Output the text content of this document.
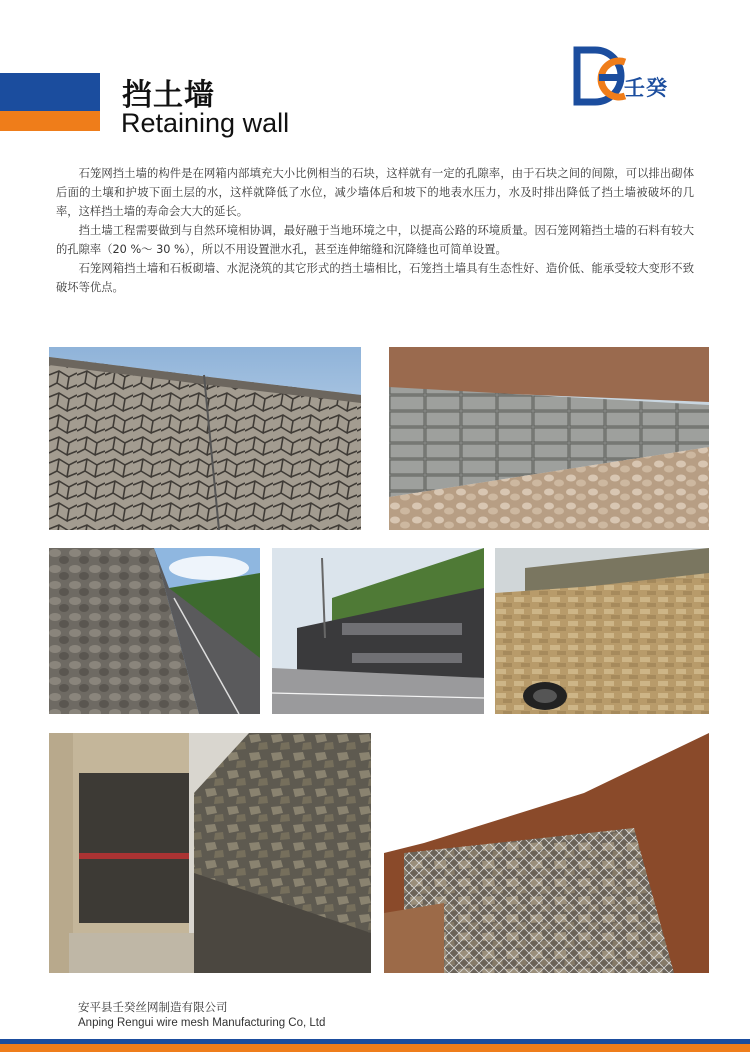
挡土墙
Retaining wall
壬癸

石笼网挡土墙的构件是在网箱内部填充大小比例相当的石块，这样就有一定的孔隙率，由于石块之间的间隙，可以排出砌体后面的土壤和护坡下面土层的水，这样就降低了水位，减少墙体后和坡下的地表水压力，水及时排出降低了挡土墙被破坏的几率，这样挡土墙的寿命会大大的延长。

挡土墙工程需要做到与自然环境相协调，最好融于当地环境之中，以提高公路的环境质量。因石笼网箱挡土墙的石料有较大的孔隙率（20 %～ 30 %），所以不用设置泄水孔，甚至连伸缩缝和沉降缝也可简单设置。

石笼网箱挡土墙和石板砌墙、水泥浇筑的其它形式的挡土墙相比，石笼挡土墙具有生态性好、造价低、能承受较大变形不致破坏等优点。

安平县壬癸丝网制造有限公司
Anping Rengui wire mesh Manufacturing Co, Ltd
